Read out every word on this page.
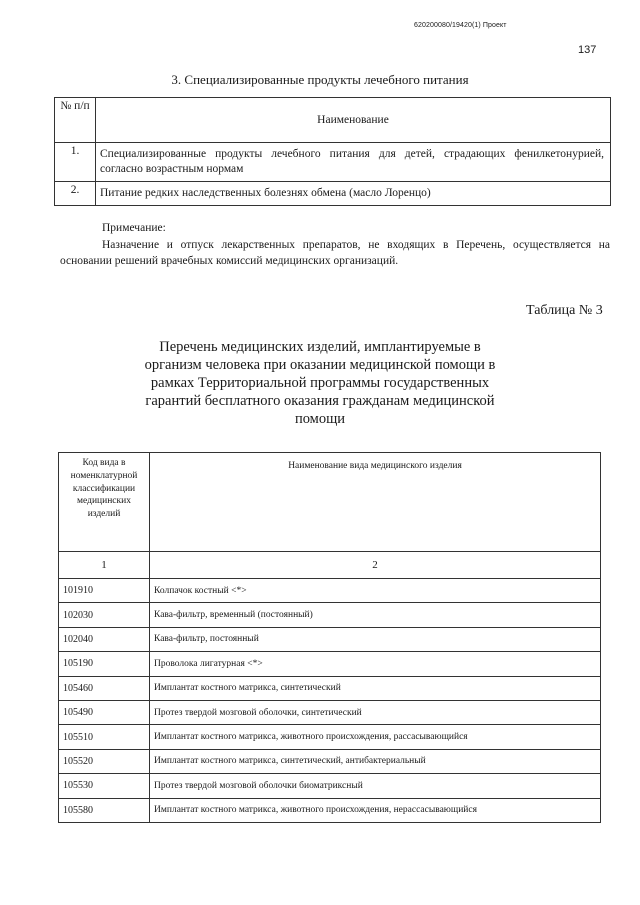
620200080/19420(1) Проект
137
3. Специализированные продукты лечебного питания
№ п/п	Наименование
1.	Специализированные продукты лечебного питания для детей, страдающих фенилкетонурией, согласно возрастным нормам
2.	Питание редких наследственных болезнях обмена (масло Лоренцо)
Примечание:
Назначение и отпуск лекарственных препаратов, не входящих в Перечень, осуществляется на основании решений врачебных комиссий медицинских организаций.
Таблица № 3
Перечень медицинских изделий, имплантируемые в организм человека при оказании медицинской помощи в рамках Территориальной программы государственных гарантий бесплатного оказания гражданам медицинской помощи
Код вида в номенклатурной классификации медицинских изделий	Наименование вида медицинского изделия
1	2
101910	Колпачок костный <*>
102030	Кава-фильтр, временный (постоянный)
102040	Кава-фильтр, постоянный
105190	Проволока лигатурная <*>
105460	Имплантат костного матрикса, синтетический
105490	Протез твердой мозговой оболочки, синтетический
105510	Имплантат костного матрикса, животного происхождения, рассасывающийся
105520	Имплантат костного матрикса, синтетический, антибактериальный
105530	Протез твердой мозговой оболочки биоматриксный
105580	Имплантат костного матрикса, животного происхождения, нерассасывающийся
